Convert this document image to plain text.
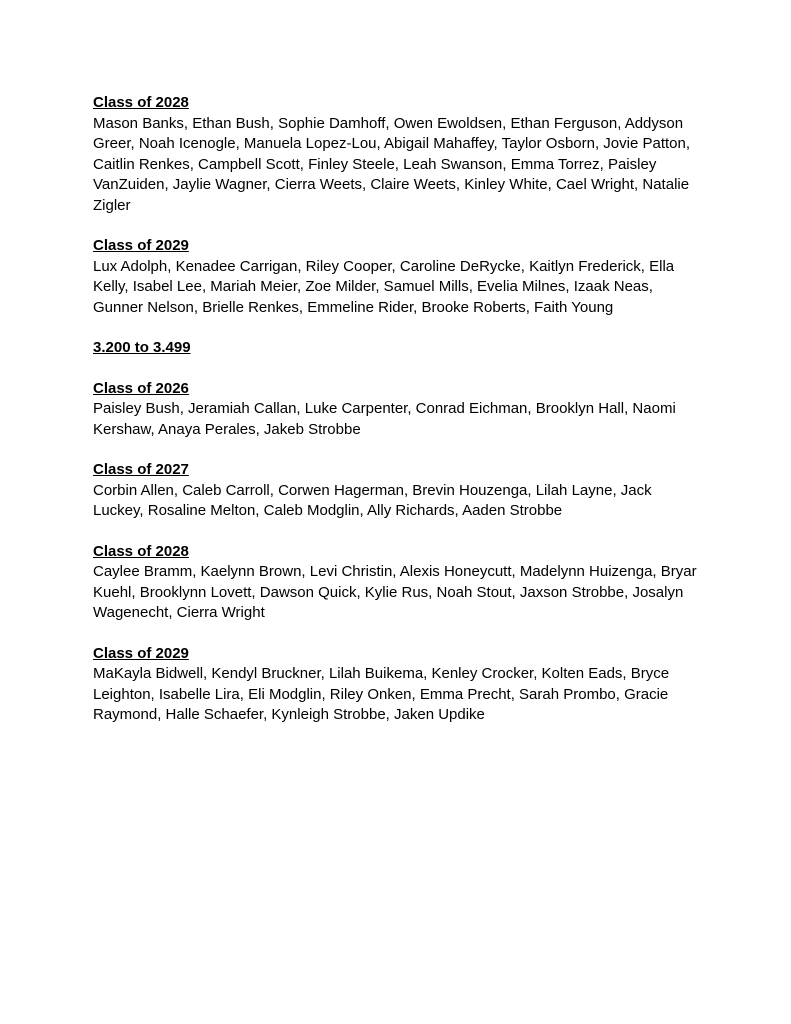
Class of 2028

Mason Banks, Ethan Bush, Sophie Damhoff, Owen Ewoldsen, Ethan Ferguson, Addyson Greer, Noah Icenogle, Manuela Lopez-Lou, Abigail Mahaffey, Taylor Osborn, Jovie Patton, Caitlin Renkes, Campbell Scott, Finley Steele, Leah Swanson, Emma Torrez, Paisley VanZuiden, Jaylie Wagner, Cierra Weets, Claire Weets, Kinley White, Cael Wright, Natalie Zigler

Class of 2029

Lux Adolph, Kenadee Carrigan, Riley Cooper, Caroline DeRycke, Kaitlyn Frederick, Ella Kelly, Isabel Lee, Mariah Meier, Zoe Milder, Samuel Mills, Evelia Milnes, Izaak Neas, Gunner Nelson, Brielle Renkes, Emmeline Rider, Brooke Roberts, Faith Young

3.200 to 3.499

Class of 2026

Paisley Bush, Jeramiah Callan, Luke Carpenter, Conrad Eichman, Brooklyn Hall, Naomi Kershaw, Anaya Perales, Jakeb Strobbe

Class of 2027

Corbin Allen, Caleb Carroll, Corwen Hagerman, Brevin Houzenga, Lilah Layne, Jack Luckey, Rosaline Melton, Caleb Modglin, Ally Richards, Aaden Strobbe

Class of 2028

Caylee Bramm, Kaelynn Brown, Levi Christin, Alexis Honeycutt, Madelynn Huizenga, Bryar Kuehl, Brooklynn Lovett, Dawson Quick, Kylie Rus, Noah Stout, Jaxson Strobbe, Josalyn Wagenecht, Cierra Wright

Class of 2029

MaKayla Bidwell, Kendyl Bruckner, Lilah Buikema, Kenley Crocker, Kolten Eads, Bryce Leighton, Isabelle Lira, Eli Modglin, Riley Onken, Emma Precht, Sarah Prombo, Gracie Raymond, Halle Schaefer, Kynleigh Strobbe, Jaken Updike
